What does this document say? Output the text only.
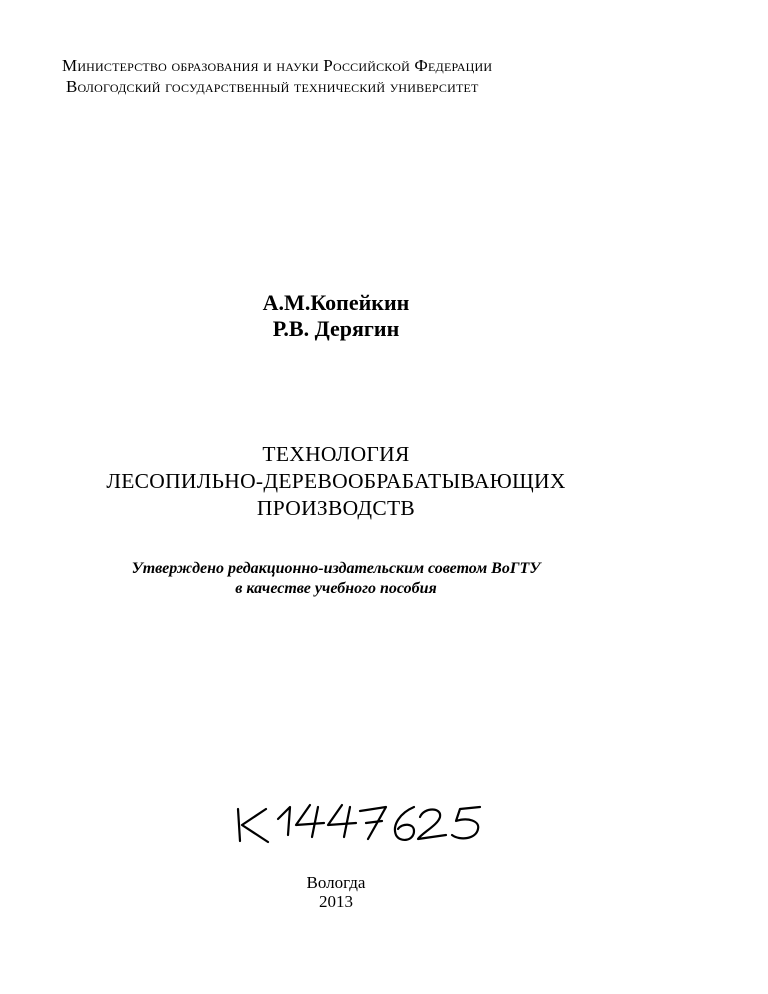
Министерство образования и науки Российской Федерации
Вологодский государственный технический университет
А.М.Копейкин
Р.В. Дерягин
ТЕХНОЛОГИЯ
ЛЕСОПИЛЬНО-ДЕРЕВООБРАБАТЫВАЮЩИХ
ПРОИЗВОДСТВ
Утверждено редакционно-издательским советом ВоГТУ
в качестве учебного пособия
Вологда
2013
